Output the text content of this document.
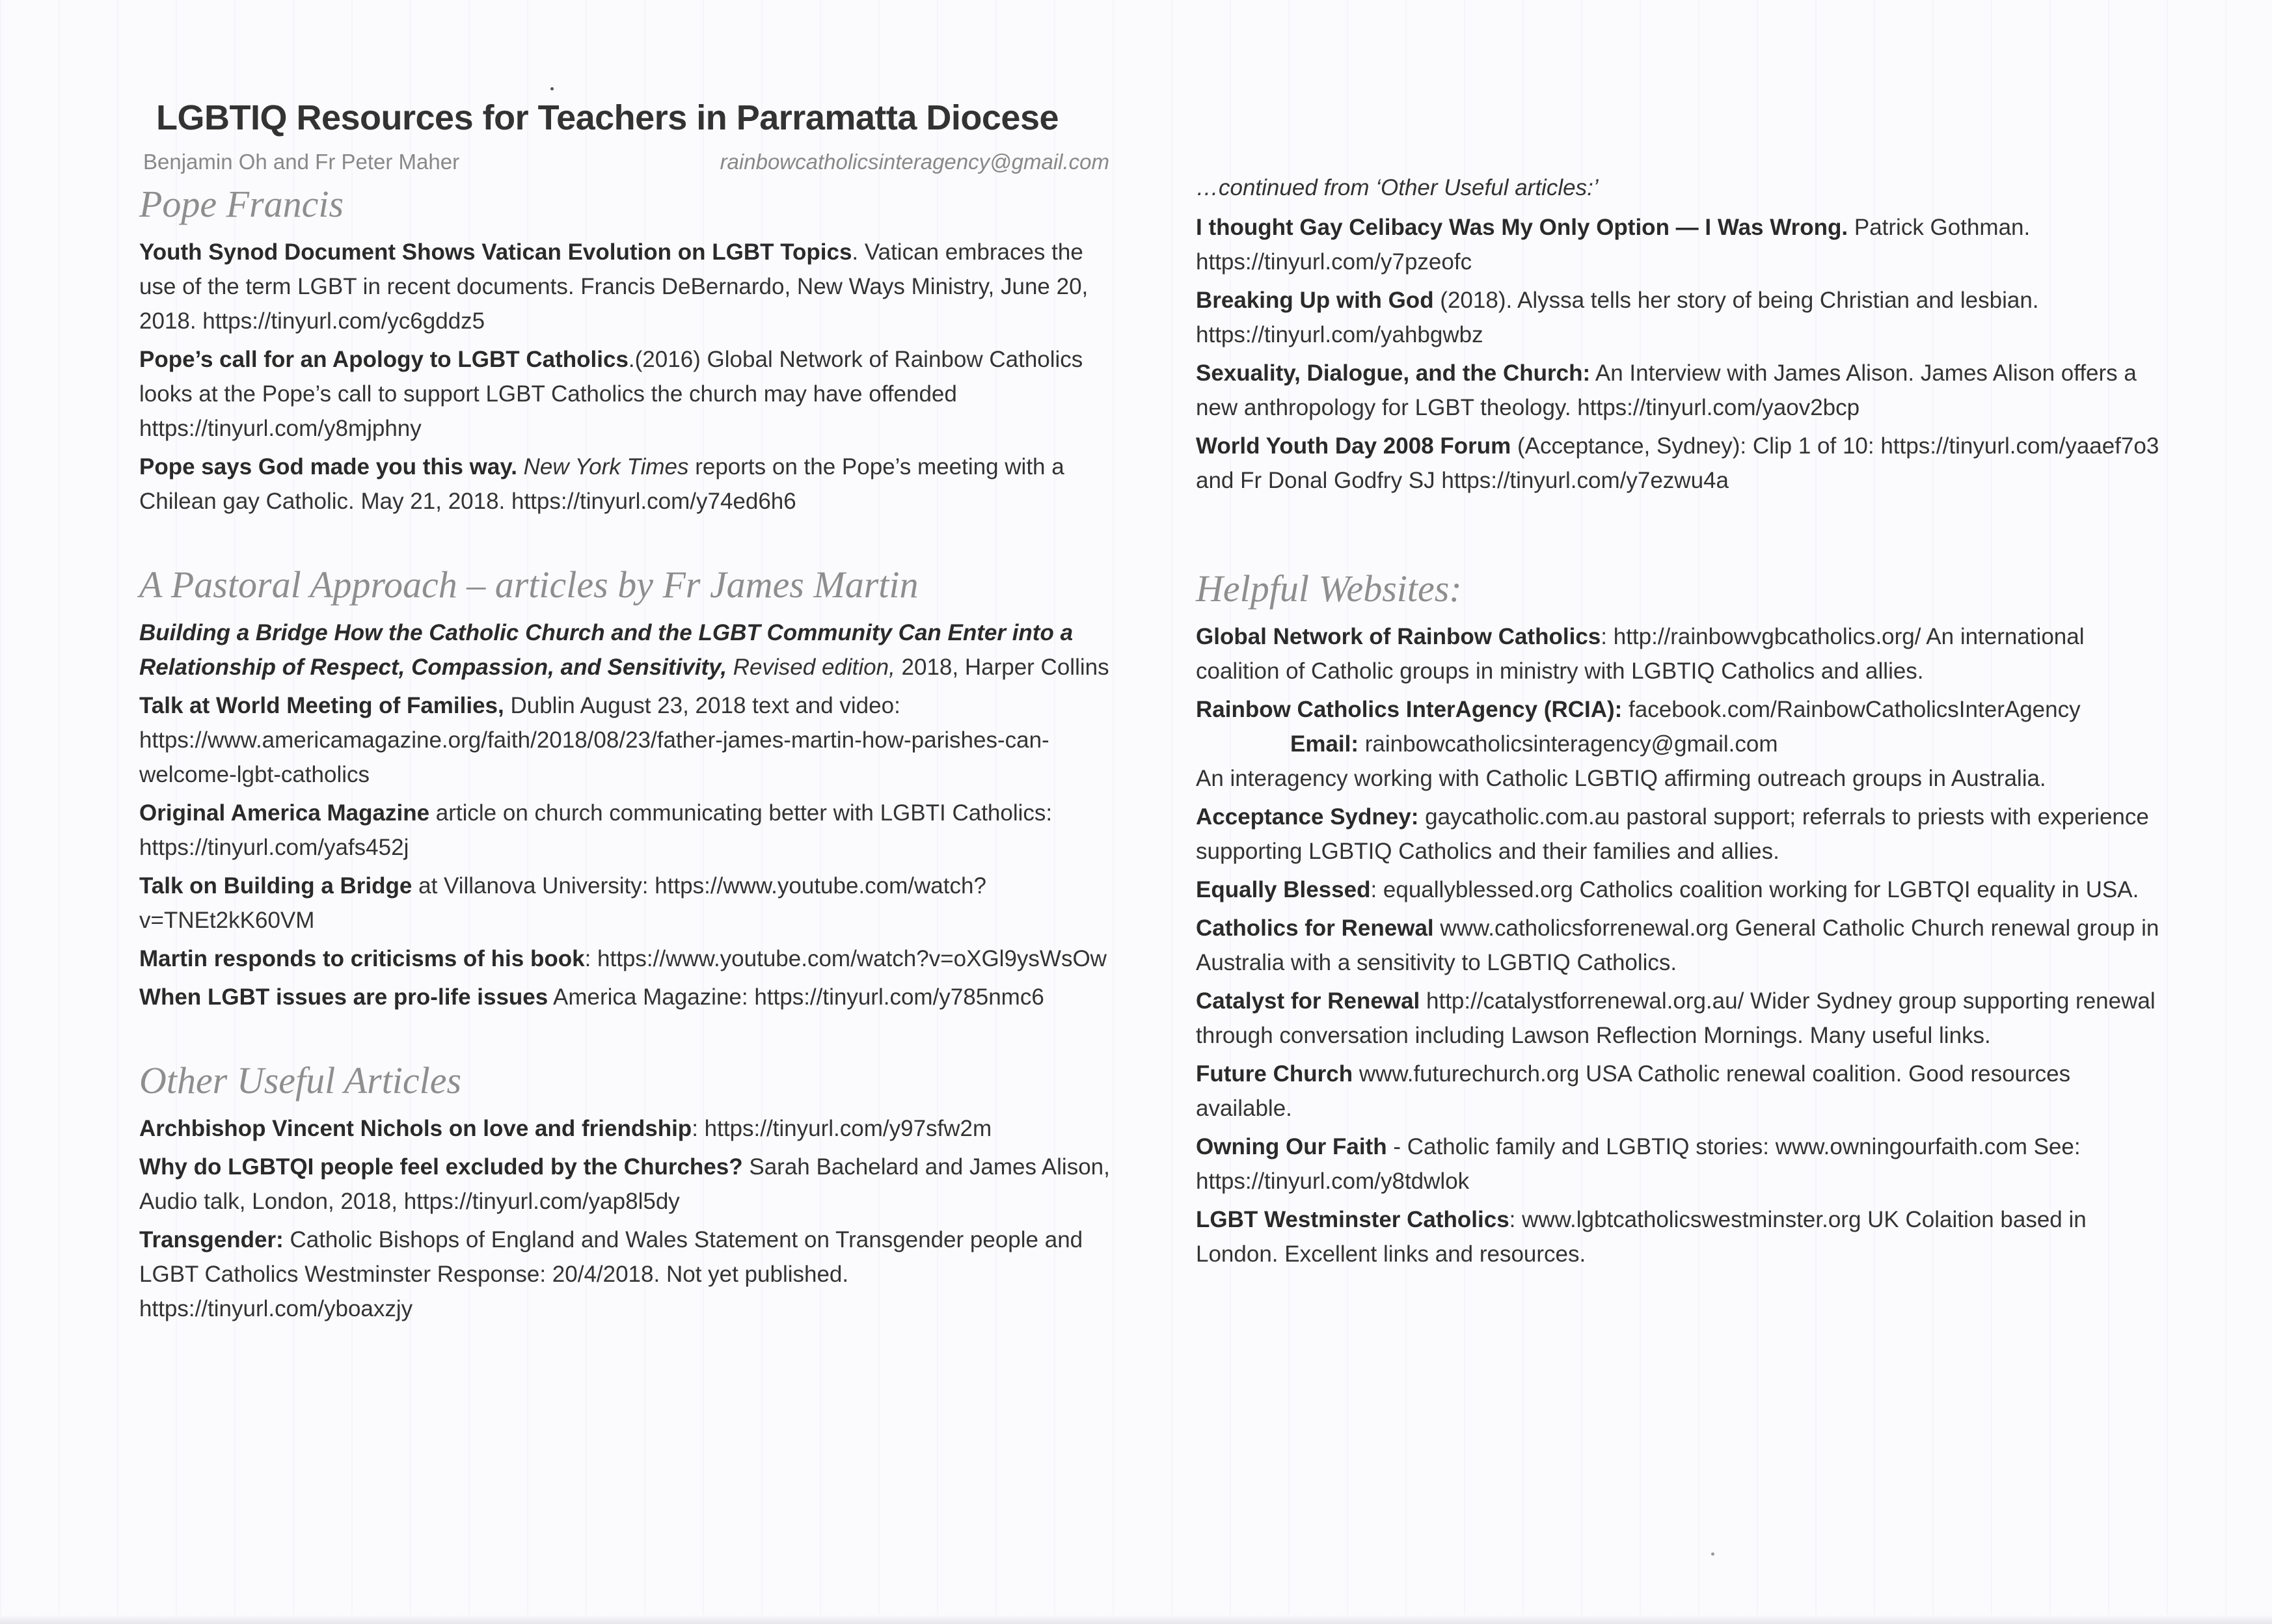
LGBTIQ Resources for Teachers in Parramatta Diocese
Benjamin Oh and Fr Peter Maher	rainbowcatholicsinteragency@gmail.com
Pope Francis
Youth Synod Document Shows Vatican Evolution on LGBT Topics. Vatican embraces the use of the term LGBT in recent documents. Francis DeBernardo, New Ways Ministry, June 20, 2018. https://tinyurl.com/yc6gddz5
Pope’s call for an Apology to LGBT Catholics.(2016) Global Network of Rainbow Catholics looks at the Pope’s call to support LGBT Catholics the church may have offended https://tinyurl.com/y8mjphny
Pope says God made you this way. New York Times reports on the Pope’s meeting with a Chilean gay Catholic. May 21, 2018. https://tinyurl.com/y74ed6h6
A Pastoral Approach – articles by Fr James Martin
Building a Bridge How the Catholic Church and the LGBT Community Can Enter into a Relationship of Respect, Compassion, and Sensitivity, Revised edition, 2018, Harper Collins
Talk at World Meeting of Families, Dublin August 23, 2018 text and video: https://www.americamagazine.org/faith/2018/08/23/father-james-martin-how-parishes-can-welcome-lgbt-catholics
Original America Magazine article on church communicating better with LGBTI Catholics: https://tinyurl.com/yafs452j
Talk on Building a Bridge at Villanova University: https://www.youtube.com/watch?v=TNEt2kK60VM
Martin responds to criticisms of his book: https://www.youtube.com/watch?v=oXGl9ysWsOw
When LGBT issues are pro-life issues America Magazine: https://tinyurl.com/y785nmc6
Other Useful Articles
Archbishop Vincent Nichols on love and friendship: https://tinyurl.com/y97sfw2m
Why do LGBTQI people feel excluded by the Churches? Sarah Bachelard and James Alison, Audio talk, London, 2018, https://tinyurl.com/yap8l5dy
Transgender: Catholic Bishops of England and Wales Statement on Transgender people and LGBT Catholics Westminster Response: 20/4/2018. Not yet published. https://tinyurl.com/yboaxzjy
…continued from ‘Other Useful articles:’
I thought Gay Celibacy Was My Only Option — I Was Wrong. Patrick Gothman. https://tinyurl.com/y7pzeofc
Breaking Up with God (2018). Alyssa tells her story of being Christian and lesbian. https://tinyurl.com/yahbgwbz
Sexuality, Dialogue, and the Church: An Interview with James Alison. James Alison offers a new anthropology for LGBT theology. https://tinyurl.com/yaov2bcp
World Youth Day 2008 Forum (Acceptance, Sydney): Clip 1 of 10: https://tinyurl.com/yaaef7o3 and Fr Donal Godfry SJ https://tinyurl.com/y7ezwu4a
Helpful Websites:
Global Network of Rainbow Catholics: http://rainbowvgbcatholics.org/ An international coalition of Catholic groups in ministry with LGBTIQ Catholics and allies.
Rainbow Catholics InterAgency (RCIA): facebook.com/RainbowCatholicsInterAgency
Email: rainbowcatholicsinteragency@gmail.com
An interagency working with Catholic LGBTIQ affirming outreach groups in Australia.
Acceptance Sydney: gaycatholic.com.au pastoral support; referrals to priests with experience supporting LGBTIQ Catholics and their families and allies.
Equally Blessed: equallyblessed.org Catholics coalition working for LGBTQI equality in USA.
Catholics for Renewal www.catholicsforrenewal.org General Catholic Church renewal group in Australia with a sensitivity to LGBTIQ Catholics.
Catalyst for Renewal http://catalystforrenewal.org.au/ Wider Sydney group supporting renewal through conversation including Lawson Reflection Mornings. Many useful links.
Future Church www.futurechurch.org USA Catholic renewal coalition. Good resources available.
Owning Our Faith - Catholic family and LGBTIQ stories: www.owningourfaith.com See: https://tinyurl.com/y8tdwlok
LGBT Westminster Catholics: www.lgbtcatholicswestminster.org UK Colaition based in London. Excellent links and resources.
